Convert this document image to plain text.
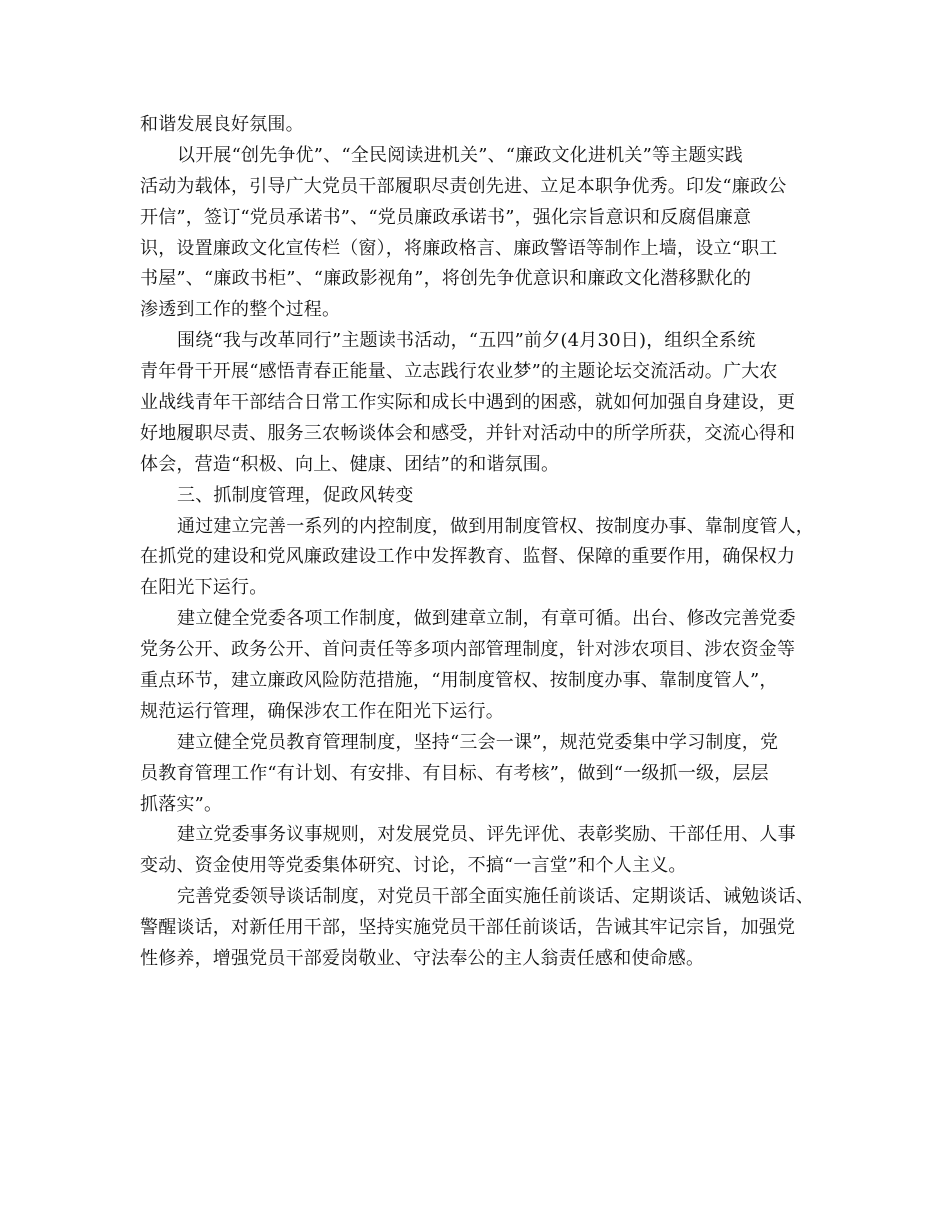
和谐发展良好氛围。
以开展“创先争优”、“全民阅读进机关”、“廉政文化进机关”等主题实践
活动为载体，引导广大党员干部履职尽责创先进、立足本职争优秀。印发“廉政公
开信”，签订“党员承诺书”、“党员廉政承诺书”，强化宗旨意识和反腐倡廉意
识，设置廉政文化宣传栏（窗），将廉政格言、廉政警语等制作上墙，设立“职工
书屋”、“廉政书柜”、“廉政影视角”，将创先争优意识和廉政文化潜移默化的
渗透到工作的整个过程。
围绕“我与改革同行”主题读书活动，“五四”前夕(4月30日)，组织全系统
青年骨干开展“感悟青春正能量、立志践行农业梦”的主题论坛交流活动。广大农
业战线青年干部结合日常工作实际和成长中遇到的困惑，就如何加强自身建设，更
好地履职尽责、服务三农畅谈体会和感受，并针对活动中的所学所获，交流心得和
体会，营造“积极、向上、健康、团结”的和谐氛围。
三、抓制度管理，促政风转变
通过建立完善一系列的内控制度，做到用制度管权、按制度办事、靠制度管人，
在抓党的建设和党风廉政建设工作中发挥教育、监督、保障的重要作用，确保权力
在阳光下运行。
建立健全党委各项工作制度，做到建章立制，有章可循。出台、修改完善党委
党务公开、政务公开、首问责任等多项内部管理制度，针对涉农项目、涉农资金等
重点环节，建立廉政风险防范措施，“用制度管权、按制度办事、靠制度管人”，
规范运行管理，确保涉农工作在阳光下运行。
建立健全党员教育管理制度，坚持“三会一课”，规范党委集中学习制度，党
员教育管理工作“有计划、有安排、有目标、有考核”，做到“一级抓一级，层层
抓落实”。
建立党委事务议事规则，对发展党员、评先评优、表彰奖励、干部任用、人事
变动、资金使用等党委集体研究、讨论，不搞“一言堂”和个人主义。
完善党委领导谈话制度，对党员干部全面实施任前谈话、定期谈话、诫勉谈话、
警醒谈话，对新任用干部，坚持实施党员干部任前谈话，告诫其牢记宗旨，加强党
性修养，增强党员干部爱岗敬业、守法奉公的主人翁责任感和使命感。
